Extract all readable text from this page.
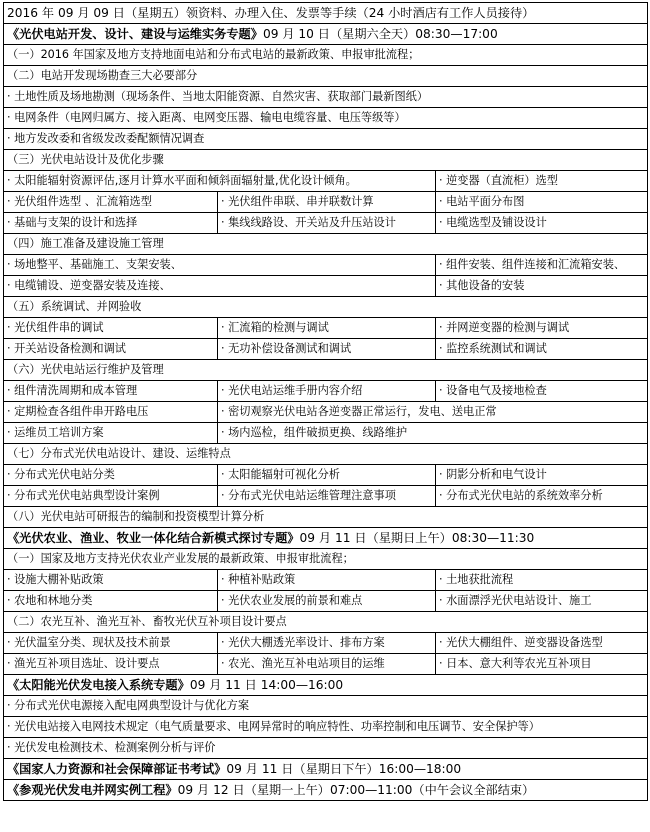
2016 年 09 月 09 日（星期五）领资料、办理入住、发票等手续（24 小时酒店有工作人员接待）		
《光伏电站开发、设计、建设与运维实务专题》09 月 10 日（星期六全天）08:30—17:00		
（一）2016 年国家及地方支持地面电站和分布式电站的最新政策、申报审批流程；		
（二）电站开发现场勘查三大必要部分		
· 土地性质及场地勘测（现场条件、当地太阳能资源、自然灾害、获取部门最新图纸）		
· 电网条件（电网归属方、接入距离、电网变压器、输电电缆容量、电压等级等）		
· 地方发改委和省级发改委配额情况调查		
（三）光伏电站设计及优化步骤		
· 太阳能辐射资源评估,逐月计算水平面和倾斜面辐射量,优化设计倾角。		· 逆变器（直流柜）选型
· 光伏组件选型 、汇流箱选型	· 光伏组件串联、串并联数计算	· 电站平面分布图
· 基础与支架的设计和选择	· 集线线路设、开关站及升压站设计	· 电缆选型及铺设设计
（四）施工准备及建设施工管理		
· 场地整平、基础施工、支架安装、		· 组件安装、组件连接和汇流箱安装、
· 电缆铺设、逆变器安装及连接、		· 其他设备的安装
（五）系统调试、并网验收		
· 光伏组件串的调试	· 汇流箱的检测与调试	· 并网逆变器的检测与调试
· 开关站设备检测和调试	· 无功补偿设备测试和调试	· 监控系统测试和调试
（六）光伏电站运行维护及管理		
· 组件清洗周期和成本管理	· 光伏电站运维手册内容介绍	· 设备电气及接地检查
· 定期检查各组件串开路电压	· 密切观察光伏电站各逆变器正常运行，发电、送电正常	
· 运维员工培训方案	· 场内巡检，组件破损更换、线路维护	
（七）分布式光伏电站设计、建设、运维特点		
· 分布式光伏电站分类	· 太阳能辐射可视化分析	· 阴影分析和电气设计
· 分布式光伏电站典型设计案例	· 分布式光伏电站运维管理注意事项	· 分布式光伏电站的系统效率分析
（八）光伏电站可研报告的编制和投资模型计算分析		
《光伏农业、渔业、牧业一体化结合新模式探讨专题》09 月 11 日（星期日上午）08:30—11:30		
（一）国家及地方支持光伏农业产业发展的最新政策、申报审批流程；		
· 设施大棚补贴政策	· 种植补贴政策	· 土地获批流程
· 农地和林地分类	· 光伏农业发展的前景和难点	· 水面漂浮光伏电站设计、施工
（二）农光互补、渔光互补、畜牧光伏互补项目设计要点		
· 光伏温室分类、现状及技术前景	· 光伏大棚透光率设计、排布方案	· 光伏大棚组件、逆变器设备选型
· 渔光互补项目选址、设计要点	· 农光、渔光互补电站项目的运维	· 日本、意大利等农光互补项目
《太阳能光伏发电接入系统专题》09 月 11 日 14:00—16:00		
· 分布式光伏电源接入配电网典型设计与优化方案		
· 光伏电站接入电网技术规定（电气质量要求、电网异常时的响应特性、功率控制和电压调节、安全保护等）		
· 光伏发电检测技术、检测案例分析与评价		
《国家人力资源和社会保障部证书考试》09 月 11 日（星期日下午）16:00—18:00		
《参观光伏发电并网实例工程》09 月 12 日（星期一上午）07:00—11:00（中午会议全部结束）		
